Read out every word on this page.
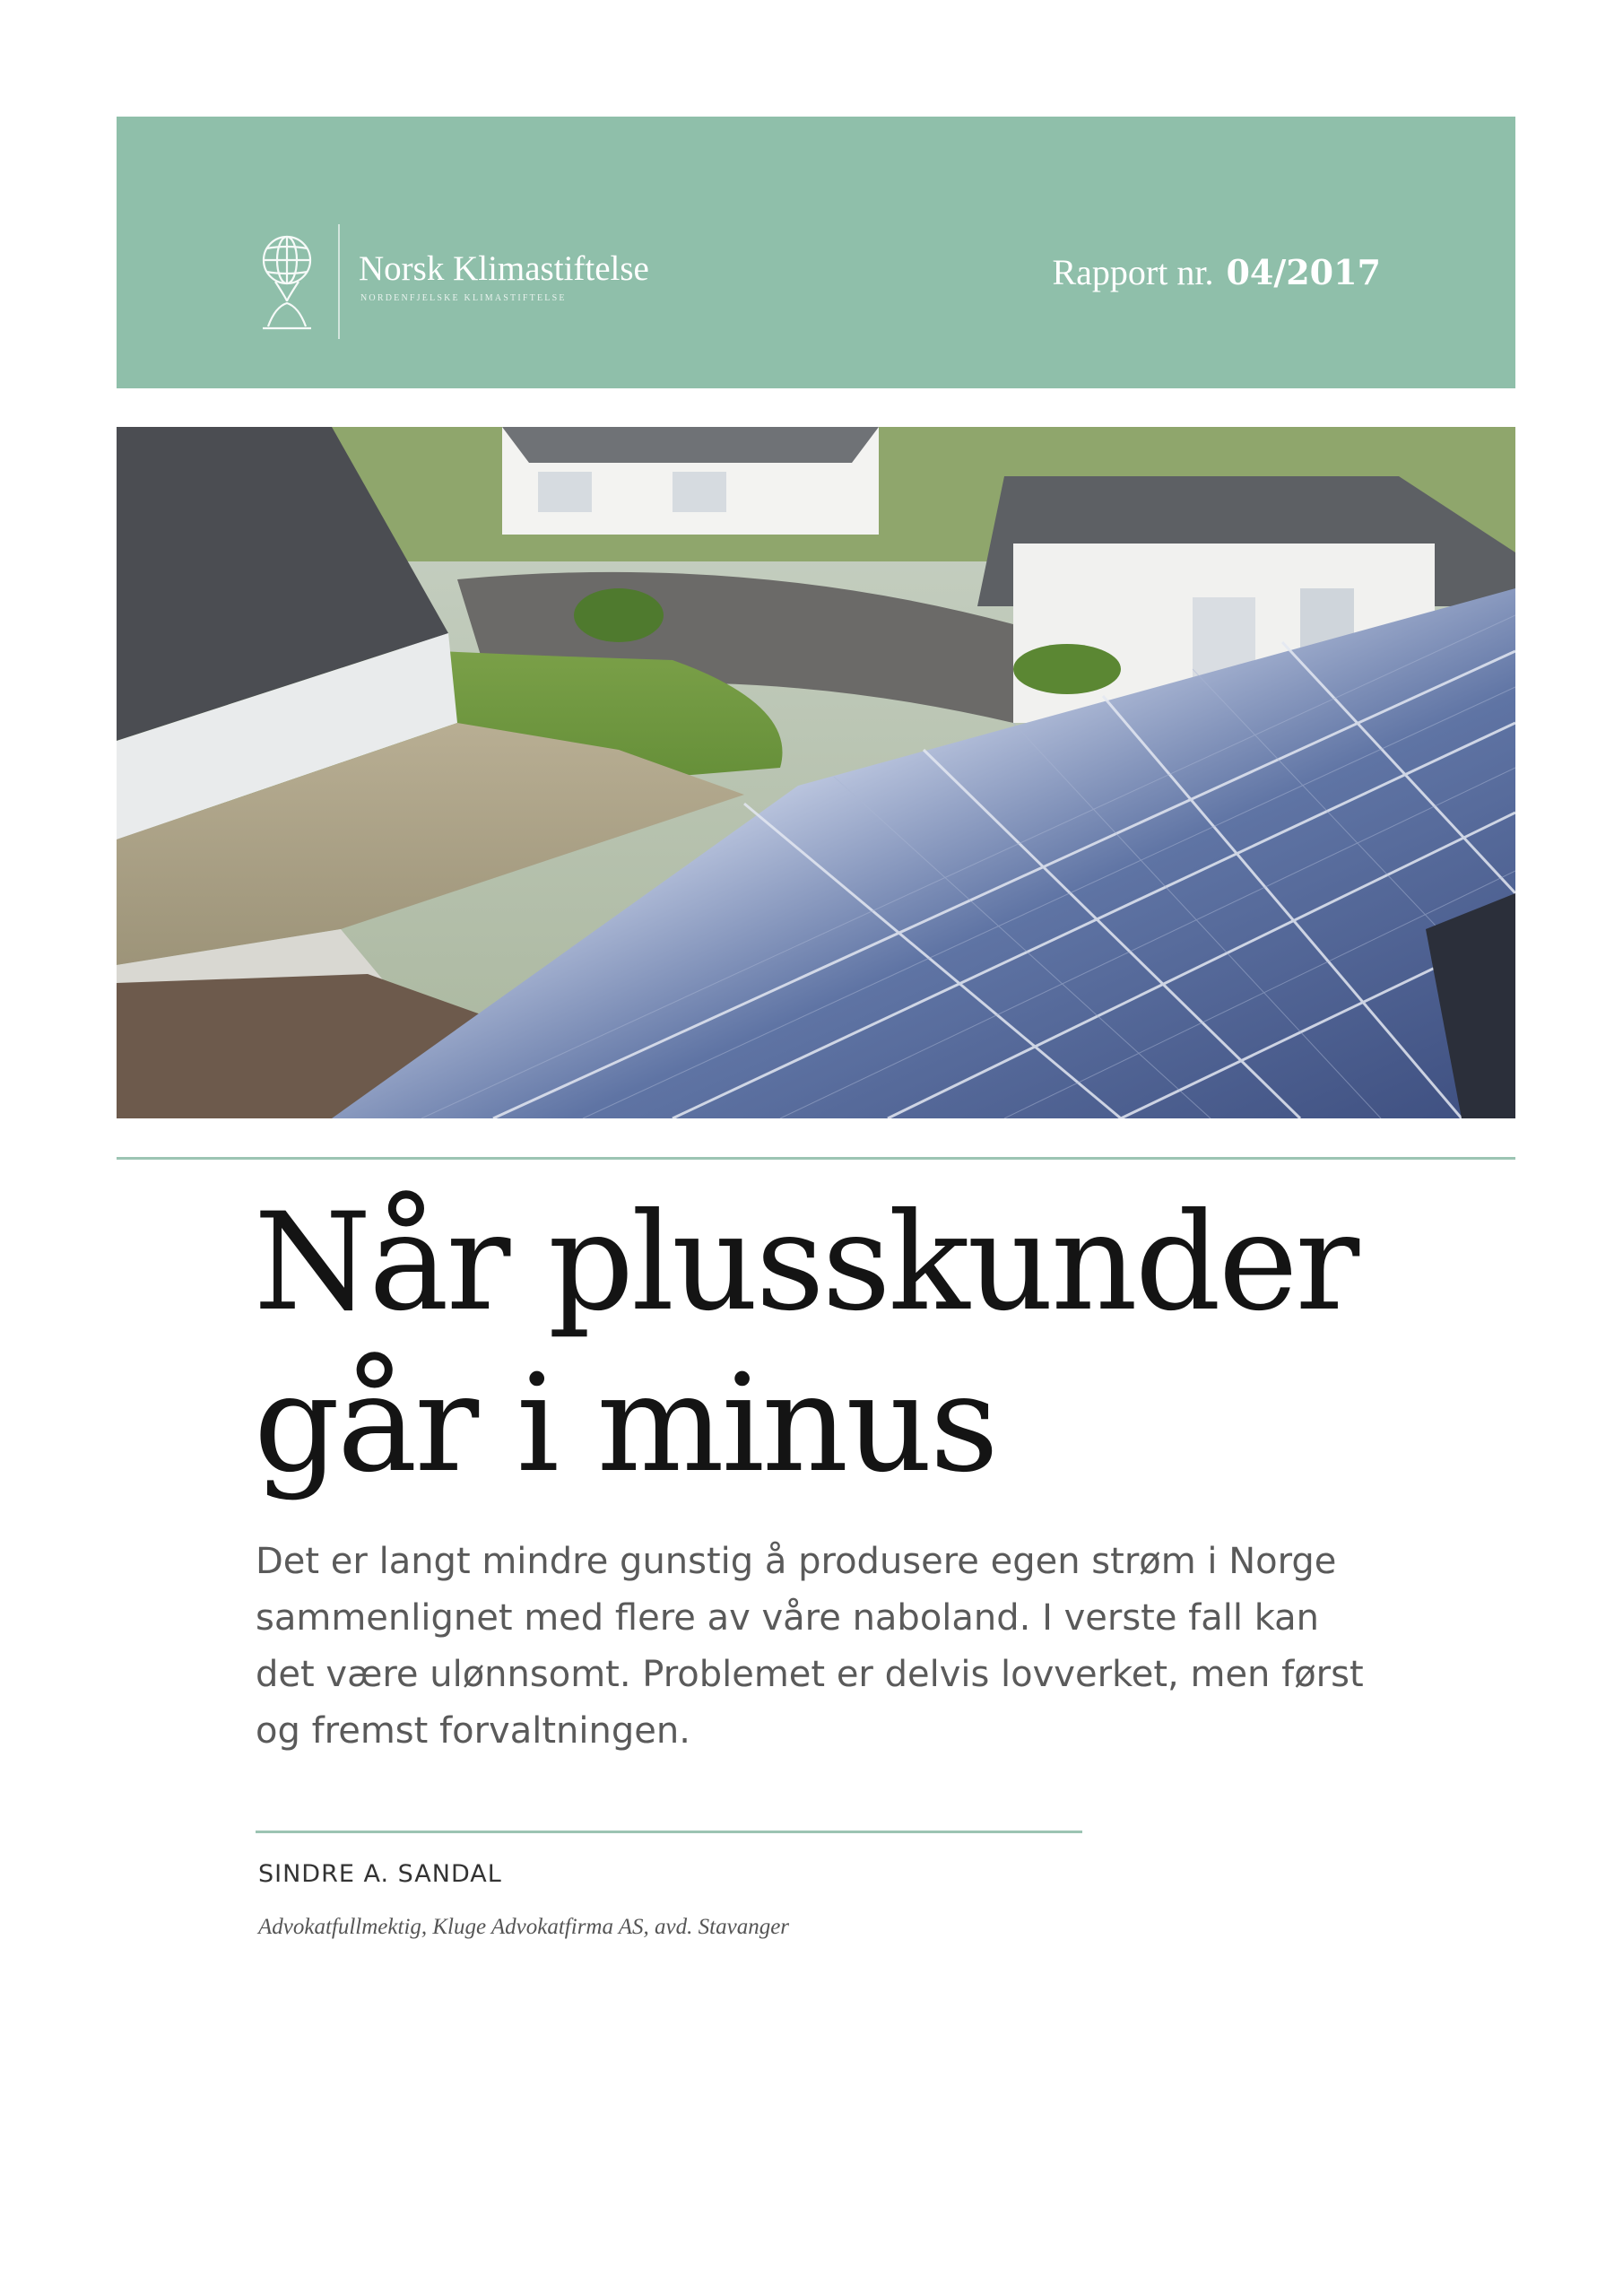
Norsk Klimastiftelse
NORDENFJELSKE KLIMASTIFTELSE
Rapport nr. 04/2017
Når plusskunder
går i minus

Det er langt mindre gunstig å produsere egen strøm i Norge
sammenlignet med flere av våre naboland. I verste fall kan
det være ulønnsomt. Problemet er delvis lovverket, men først
og fremst forvaltningen.

SINDRE A. SANDAL
Advokatfullmektig, Kluge Advokatfirma AS, avd. Stavanger
